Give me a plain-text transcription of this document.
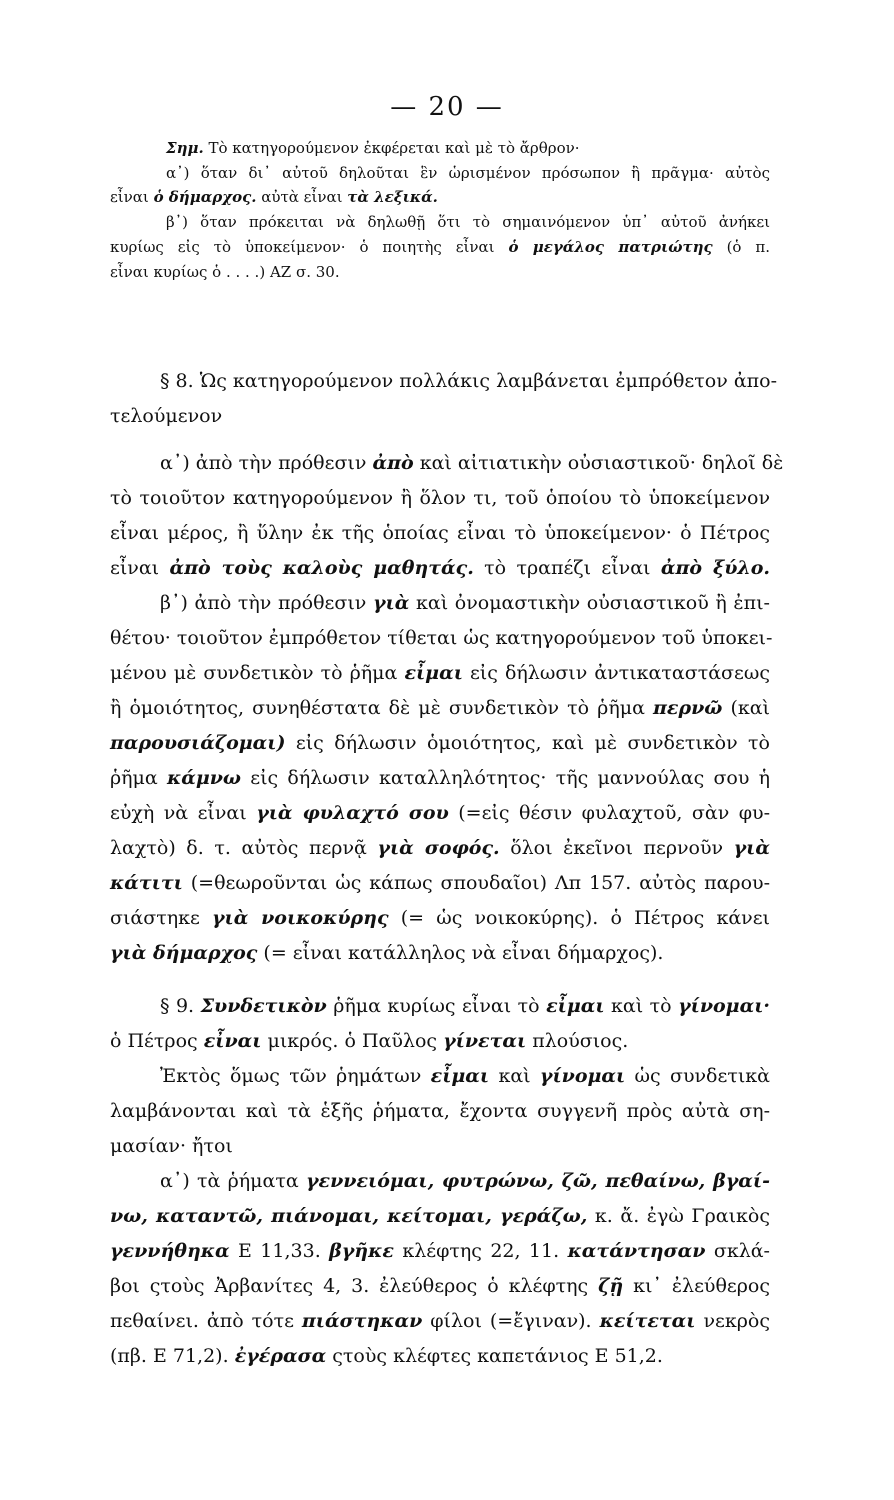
— 20 —
Σημ. Τὸ κατηγορούμενον ἐκφέρεται καὶ μὲ τὸ ἄρθρον·
α᾽) ὅταν δι᾽ αὐτοῦ δηλοῦται ἓν ὡρισμένον πρόσωπον ἢ πρᾶγμα· αὐτὸς
εἶναι ὁ δήμαρχος. αὐτὰ εἶναι τὰ λεξικά.
β᾽) ὅταν πρόκειται νὰ δηλωθῇ ὅτι τὸ σημαινόμενον ὑπ᾽ αὐτοῦ ἀνήκει
κυρίως εἰς τὸ ὑποκείμενον· ὁ ποιητὴς εἶναι ὁ μεγάλος πατριώτης (ὁ π.
εἶναι κυρίως ὁ . . . .) ΑΖ σ. 30.
§ 8. Ὡς κατηγορούμενον πολλάκις λαμβάνεται ἐμπρόθετον ἀπο-
τελούμενον
α᾽) ἀπὸ τὴν πρόθεσιν ἀπὸ καὶ αἰτιατικὴν οὐσιαστικοῦ· δηλοῖ δὲ
τὸ τοιοῦτον κατηγορούμενον ἢ ὅλον τι, τοῦ ὁποίου τὸ ὑποκείμενον
εἶναι μέρος, ἢ ὕλην ἐκ τῆς ὁποίας εἶναι τὸ ὑποκείμενον· ὁ Πέτρος
εἶναι ἀπὸ τοὺς καλοὺς μαθητάς. τὸ τραπέζι εἶναι ἀπὸ ξύλο.
β᾽) ἀπὸ τὴν πρόθεσιν γιὰ καὶ ὀνομαστικὴν οὐσιαστικοῦ ἢ ἐπι-
θέτου· τοιοῦτον ἐμπρόθετον τίθεται ὡς κατηγορούμενον τοῦ ὑποκει-
μένου μὲ συνδετικὸν τὸ ῥῆμα εἶμαι εἰς δήλωσιν ἀντικαταστάσεως
ἢ ὁμοιότητος, συνηθέστατα δὲ μὲ συνδετικὸν τὸ ῥῆμα περνῶ (καὶ
παρουσιάζομαι) εἰς δήλωσιν ὁμοιότητος, καὶ μὲ συνδετικὸν τὸ
ῥῆμα κάμνω εἰς δήλωσιν καταλληλότητος· τῆς μαννούλας σου ἡ
εὐχὴ νὰ εἶναι γιὰ φυλαχτό σου (=εἰς θέσιν φυλαχτοῦ, σὰν φυ-
λαχτὸ) δ. τ. αὐτὸς περνᾷ γιὰ σοφός. ὅλοι ἐκεῖνοι περνοῦν γιὰ
κάτιτι (=θεωροῦνται ὡς κάπως σπουδαῖοι) Λπ 157. αὐτὸς παρου-
σιάστηκε γιὰ νοικοκύρης (= ὡς νοικοκύρης). ὁ Πέτρος κάνει
γιὰ δήμαρχος (= εἶναι κατάλληλος νὰ εἶναι δήμαρχος).
§ 9. Συνδετικὸν ῥῆμα κυρίως εἶναι τὸ εἶμαι καὶ τὸ γίνομαι·
ὁ Πέτρος εἶναι μικρός. ὁ Παῦλος γίνεται πλούσιος.
Ἐκτὸς ὅμως τῶν ῥημάτων εἶμαι καὶ γίνομαι ὡς συνδετικὰ
λαμβάνονται καὶ τὰ ἑξῆς ῥήματα, ἔχοντα συγγενῆ πρὸς αὐτὰ ση-
μασίαν· ἤτοι
α᾽) τὰ ῥήματα γεννειόμαι, φυτρώνω, ζῶ, πεθαίνω, βγαί-
νω, καταντῶ, πιάνομαι, κείτομαι, γεράζω, κ. ἄ. ἐγὼ Γραικὸς
γεννήθηκα Ε 11,33. βγῆκε κλέφτης 22, 11. κατάντησαν σκλά-
βοι ςτοὺς Ἀρβανίτες 4, 3. ἐλεύθερος ὁ κλέφτης ζῇ κι᾽ ἐλεύθερος
πεθαίνει. ἀπὸ τότε πιάστηκαν φίλοι (=ἔγιναν). κείτεται νεκρὸς
(πβ. Ε 71,2). ἐγέρασα ςτοὺς κλέφτες καπετάνιος Ε 51,2.
